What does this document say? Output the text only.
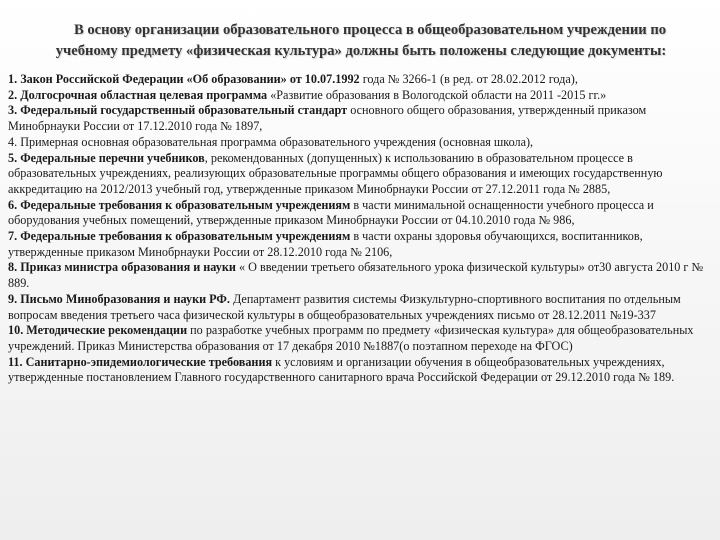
В основу организации образовательного процесса в общеобразовательном учреждении по

учебному предмету «физическая культура» должны быть положены следующие документы:

1. Закон Российской Федерации «Об образовании» от 10.07.1992 года № 3266-1 (в ред. от 28.02.2012 года),

2. Долгосрочная областная целевая программа «Развитие образования в Вологодской области на 2011 -2015 гг.»

3. Федеральный государственный образовательный стандарт основного общего образования, утвержденный приказом Минобрнауки России от 17.12.2010 года № 1897,

4. Примерная основная образовательная программа образовательного учреждения (основная школа),

5. Федеральные перечни учебников, рекомендованных (допущенных) к использованию в образовательном процессе в образовательных учреждениях, реализующих образовательные программы общего образования и имеющих государственную аккредитацию на 2012/2013 учебный год, утвержденные приказом Минобрнауки России от 27.12.2011 года № 2885,

6. Федеральные требования к образовательным учреждениям в части минимальной оснащенности учебного процесса и оборудования учебных помещений, утвержденные приказом Минобрнауки России от 04.10.2010 года № 986,

7. Федеральные требования к образовательным учреждениям в части охраны здоровья обучающихся, воспитанников, утвержденные приказом Минобрнауки России от 28.12.2010 года № 2106,

8. Приказ министра образования и науки « О введении третьего обязательного урока физической культуры» от30 августа 2010 г № 889.

9. Письмо Минобразования и науки РФ. Департамент развития системы Физкультурно-спортивного воспитания по отдельным вопросам введения третьего часа физической культуры в общеобразовательных учреждениях письмо от 28.12.2011 №19-337

10. Методические рекомендации по разработке учебных программ по предмету «физическая культура» для общеобразовательных учреждений. Приказ Министерства образования от 17 декабря 2010 №1887(о поэтапном переходе на ФГОС)

11. Санитарно-эпидемиологические требования к условиям и организации обучения в общеобразовательных учреждениях, утвержденные постановлением Главного государственного санитарного врача Российской Федерации от 29.12.2010 года № 189.
